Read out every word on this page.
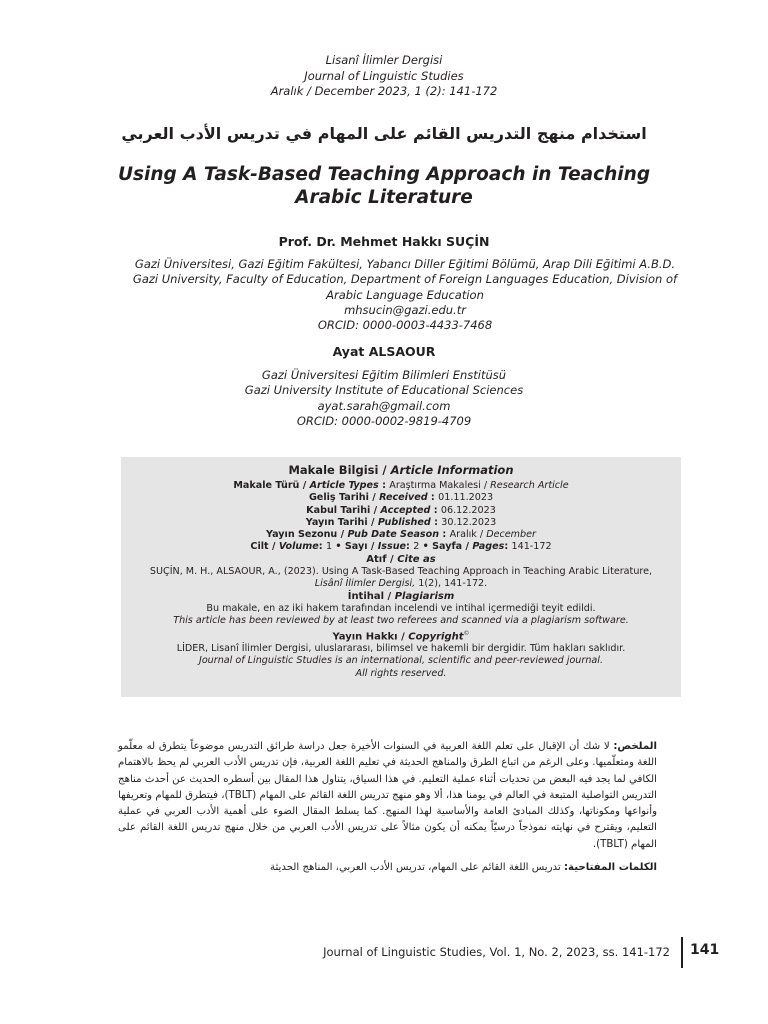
Lisanî İlimler Dergisi
Journal of Linguistic Studies
Aralık / December 2023, 1 (2): 141-172
استخدام منهج التدريس القائم على المهام في تدريس الأدب العربي
Using A Task-Based Teaching Approach in Teaching
Arabic Literature
Prof. Dr. Mehmet Hakkı SUÇİN
Gazi Üniversitesi, Gazi Eğitim Fakültesi, Yabancı Diller Eğitimi Bölümü, Arap Dili Eğitimi A.B.D.
Gazi University, Faculty of Education, Department of Foreign Languages Education, Division of Arabic Language Education
mhsucin@gazi.edu.tr
ORCID: 0000-0003-4433-7468
Ayat ALSAOUR
Gazi Üniversitesi Eğitim Bilimleri Enstitüsü
Gazi University Institute of Educational Sciences
ayat.sarah@gmail.com
ORCID: 0000-0002-9819-4709
Makale Bilgisi / Article Information
Makale Türü / Article Types : Araştırma Makalesi / Research Article
Geliş Tarihi / Received : 01.11.2023
Kabul Tarihi / Accepted : 06.12.2023
Yayın Tarihi / Published : 30.12.2023
Yayın Sezonu / Pub Date Season : Aralık / December
Cilt / Volume: 1 • Sayı / Issue: 2 • Sayfa / Pages: 141-172
Atıf / Cite as
SUÇİN, M. H., ALSAOUR, A., (2023). Using A Task-Based Teaching Approach in Teaching Arabic Literature,
Lisânî İlimler Dergisi, 1(2), 141-172.
İntihal / Plagiarism
Bu makale, en az iki hakem tarafından incelendi ve intihal içermediği teyit edildi.
This article has been reviewed by at least two referees and scanned via a plagiarism software.
Yayın Hakkı / Copyright©
LİDER, Lisanî İlimler Dergisi, uluslararası, bilimsel ve hakemli bir dergidir. Tüm hakları saklıdır.
Journal of Linguistic Studies is an international, scientific and peer-reviewed journal.
All rights reserved.
الملخص: لا شك أن الإقبال على تعلم اللغة العربية في السنوات الأخيرة جعل دراسة طرائق التدريس موضوعاً يتطرق له معلّمو اللغة ومتعلّميها. وعلى الرغم من اتباع الطرق والمناهج الحديثة في تعليم اللغة العربية، فإن تدريس الأدب العربي لم يحظ بالاهتمام الكافي لما يجد فيه البعض من تحديات أثناء عملية التعليم. في هذا السياق، يتناول هذا المقال بين أسطره الحديث عن أحدث مناهج التدريس التواصلية المتبعة في العالم في يومنا هذا، ألا وهو منهج تدريس اللغة القائم على المهام (TBLT)، فيتطرق للمهام وتعريفها وأنواعها ومكوناتها، وكذلك المبادئ العامة والأساسية لهذا المنهج. كما يسلط المقال الضوء على أهمية الأدب العربي في عملية التعليم، ويقترح في نهايته نموذجاً درسيّاً يمكنه أن يكون مثالاً على تدريس الأدب العربي من خلال منهج تدريس اللغة القائم على المهام (TBLT).
الكلمات المفتاحية: تدريس اللغة القائم على المهام، تدريس الأدب العربي، المناهج الحديثة
Journal of Linguistic Studies, Vol. 1, No. 2, 2023, ss. 141-172 141
